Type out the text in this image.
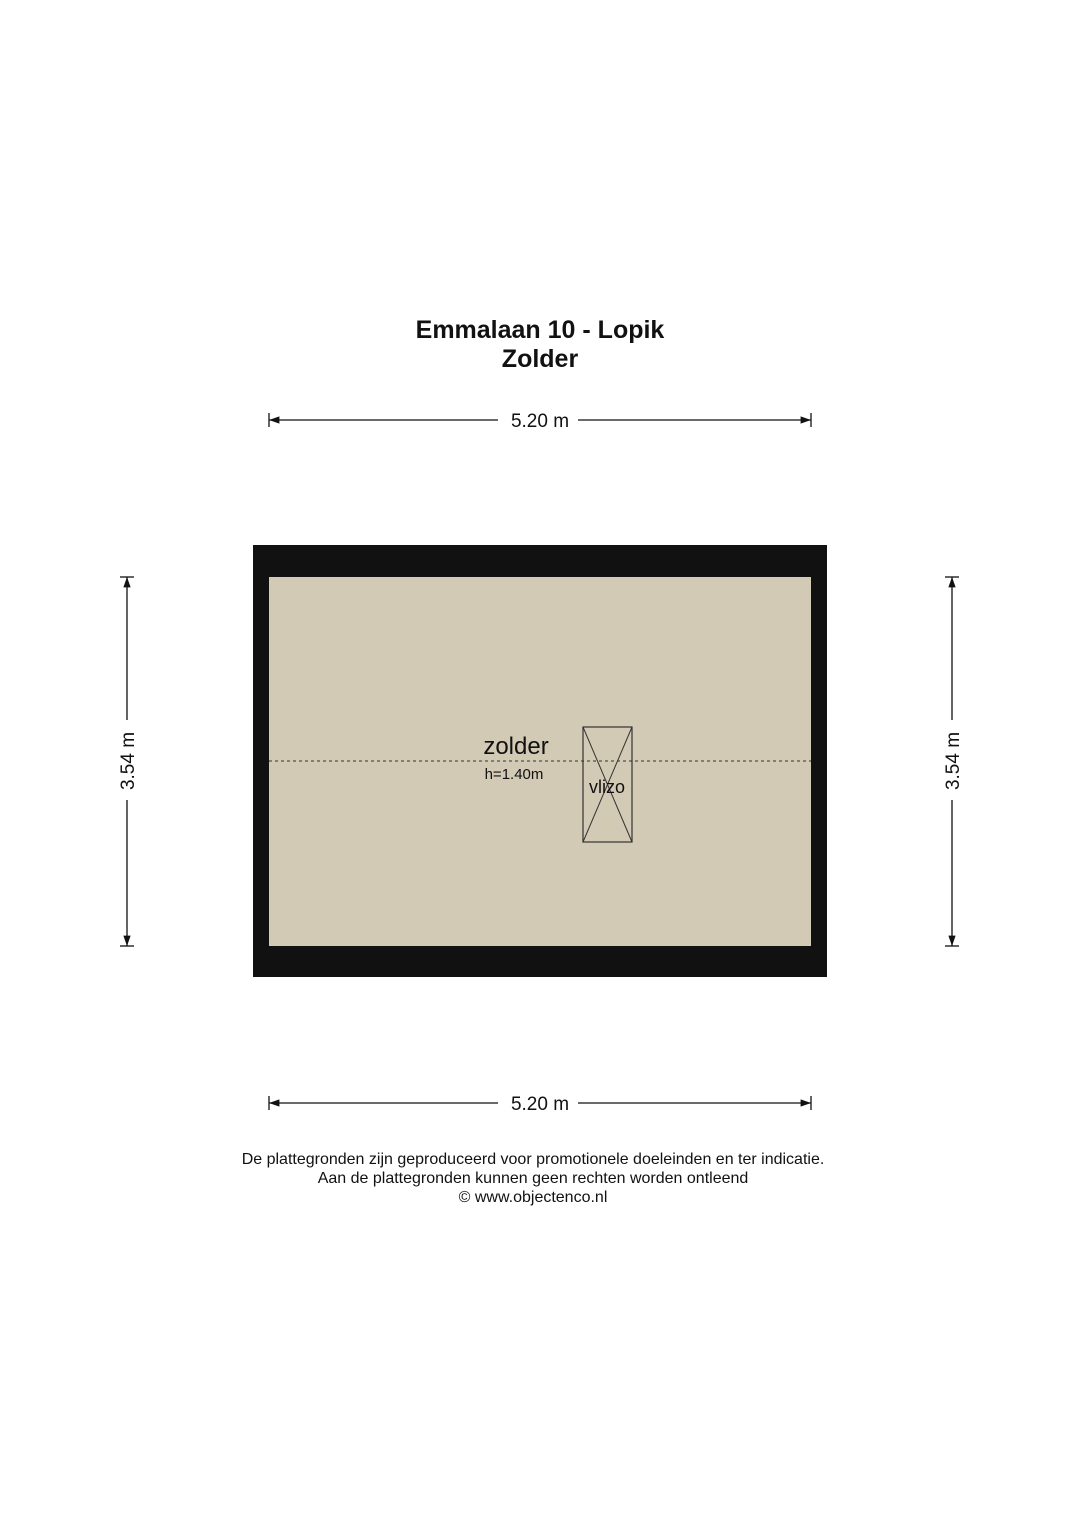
Emmalaan 10 - Lopik
Zolder
5.20 m
5.20 m
3.54 m	3.54 m
zolder
h=1.40m
vlizo
De plattegronden zijn geproduceerd voor promotionele doeleinden en ter indicatie.
Aan de plattegronden kunnen geen rechten worden ontleend
© www.objectenco.nl
